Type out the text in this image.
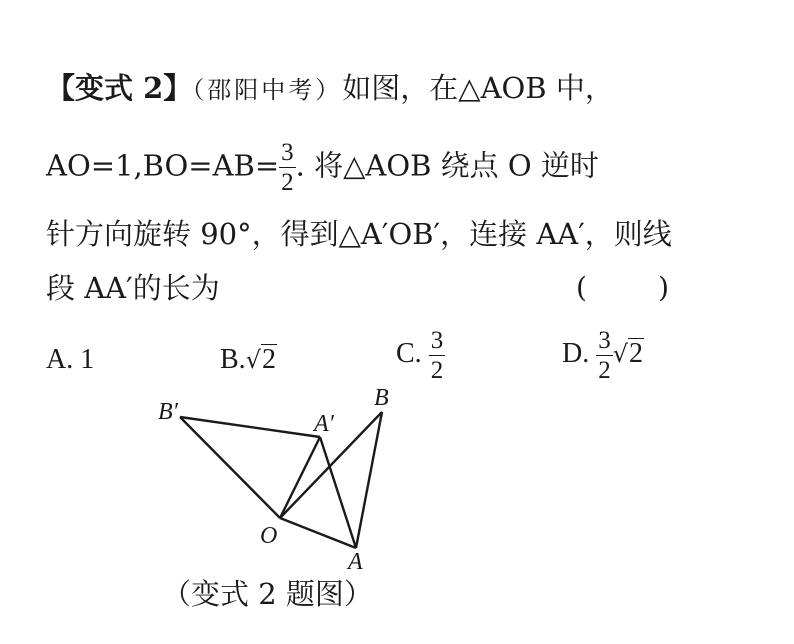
【变式 2】（邵阳中考）如图，在△AOB 中，
$AO=1,BO=AB= \frac{3}{2}$ . 将△AOB 绕点 O 逆时
针方向旋转 90°，得到△A′OB′，连接 AA′，则线
段 AA′的长为	(        )
A. 1	B.√2	C. $\frac{3}{2}$	D. $\frac{3}{2} √2$
B′	A′
B
O
A
（变式 2 题图）
